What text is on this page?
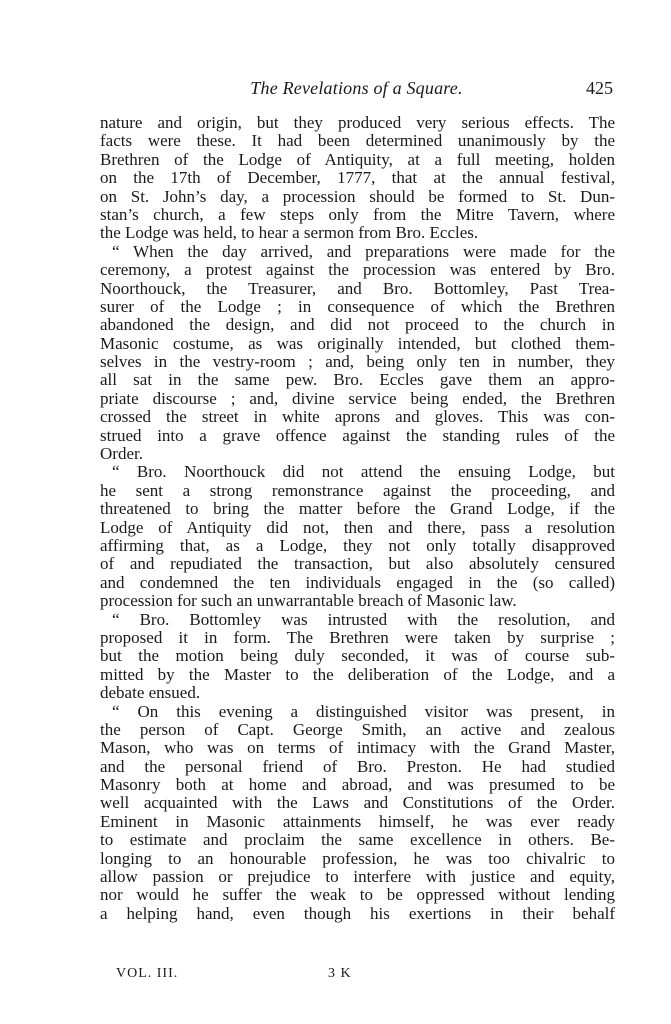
The Revelations of a Square.	425
nature and origin, but they produced very serious effects. The
facts were these. It had been determined unanimously by the
Brethren of the Lodge of Antiquity, at a full meeting, holden
on the 17th of December, 1777, that at the annual festival,
on St. John’s day, a procession should be formed to St. Dun-
stan’s church, a few steps only from the Mitre Tavern, where
the Lodge was held, to hear a sermon from Bro. Eccles.
“ When the day arrived, and preparations were made for the
ceremony, a protest against the procession was entered by Bro.
Noorthouck, the Treasurer, and Bro. Bottomley, Past Trea-
surer of the Lodge ; in consequence of which the Brethren
abandoned the design, and did not proceed to the church in
Masonic costume, as was originally intended, but clothed them-
selves in the vestry-room ; and, being only ten in number, they
all sat in the same pew. Bro. Eccles gave them an appro-
priate discourse ; and, divine service being ended, the Brethren
crossed the street in white aprons and gloves. This was con-
strued into a grave offence against the standing rules of the
Order.
“ Bro. Noorthouck did not attend the ensuing Lodge, but
he sent a strong remonstrance against the proceeding, and
threatened to bring the matter before the Grand Lodge, if the
Lodge of Antiquity did not, then and there, pass a resolution
affirming that, as a Lodge, they not only totally disapproved
of and repudiated the transaction, but also absolutely censured
and condemned the ten individuals engaged in the (so called)
procession for such an unwarrantable breach of Masonic law.
“ Bro. Bottomley was intrusted with the resolution, and
proposed it in form. The Brethren were taken by surprise ;
but the motion being duly seconded, it was of course sub-
mitted by the Master to the deliberation of the Lodge, and a
debate ensued.
“ On this evening a distinguished visitor was present, in
the person of Capt. George Smith, an active and zealous
Mason, who was on terms of intimacy with the Grand Master,
and the personal friend of Bro. Preston. He had studied
Masonry both at home and abroad, and was presumed to be
well acquainted with the Laws and Constitutions of the Order.
Eminent in Masonic attainments himself, he was ever ready
to estimate and proclaim the same excellence in others. Be-
longing to an honourable profession, he was too chivalric to
allow passion or prejudice to interfere with justice and equity,
nor would he suffer the weak to be oppressed without lending
a helping hand, even though his exertions in their behalf
VOL. III.	3 K
